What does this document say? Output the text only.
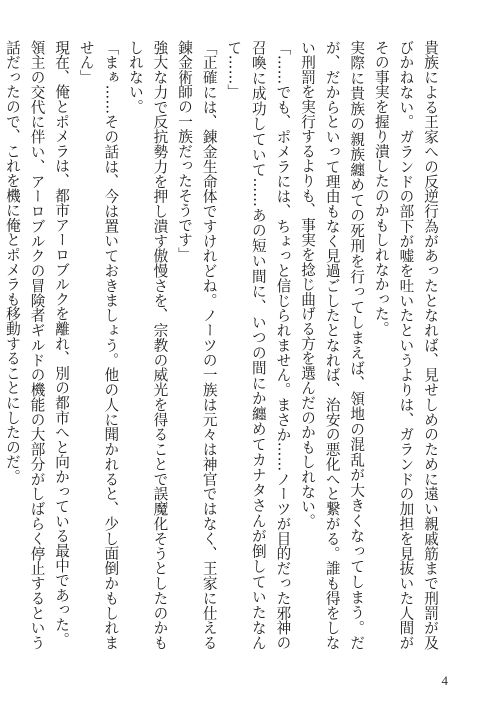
貴族による王家への反逆行為があったとなれば、見せしめのために遠い親戚筋まで刑罰が及びかねない。ガランドの部下が嘘を吐いたというよりは、ガランドの加担を見抜いた人間がその事実を握り潰したのかもしれなかった。

実際に貴族の親族纏めての死刑を行ってしまえば、領地の混乱が大きくなってしまう。だが、だからといって理由もなく見過ごしたとなれば、治安の悪化へと繋がる。誰も得をしない刑罰を実行するよりも、事実を捻じ曲げる方を選んだのかもしれない。

「……でも、ポメラには、ちょっと信じられません。まさか……ノーツが目的だった邪神の召喚に成功していて……あの短い間に、いつの間にか纏めてカナタさんが倒していたなんて……」

「正確には、錬金生命体ですけれどね。ノーツの一族は元々は神官ではなく、王家に仕える錬金術師の一族だったそうです」

強大な力で反抗勢力を押し潰す傲慢さを、宗教の威光を得ることで誤魔化そうとしたのかもしれない。

「まぁ……その話は、今は置いておきましょう。他の人に聞かれると、少し面倒かもしれません」

現在、俺とポメラは、都市アーロブルクを離れ、別の都市へと向かっている最中であった。

領主の交代に伴い、アーロブルクの冒険者ギルドの機能の大部分がしばらく停止するという話だったので、これを機に俺とポメラも移動することにしたのだ。

4
